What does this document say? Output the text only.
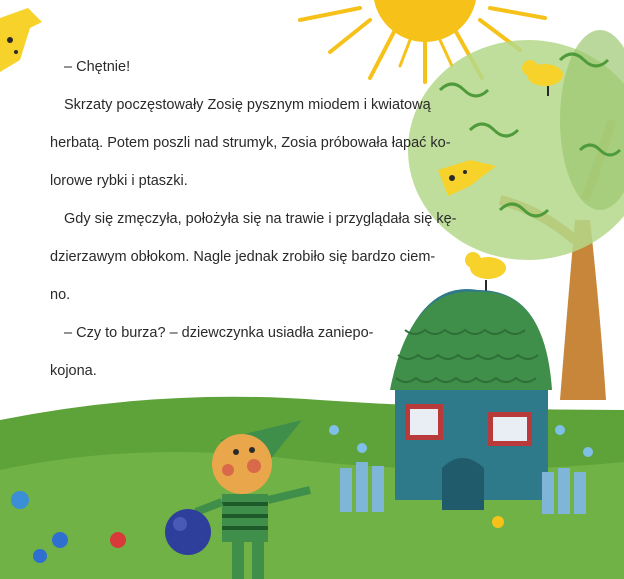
– Chętnie!
Skrzaty poczęstowały Zosię pysznym miodem i kwiatową
herbatą. Potem poszli nad strumyk, Zosia próbowała łapać ko-
lorowe rybki i ptaszki.
Gdy się zmęczyła, położyła się na trawie i przyglądała się kę-
dzierzawym obłokom. Nagle jednak zrobiło się bardzo ciem-
no.
– Czy to burza? – dziewczynka usiadła zaniepo-
kojona.
